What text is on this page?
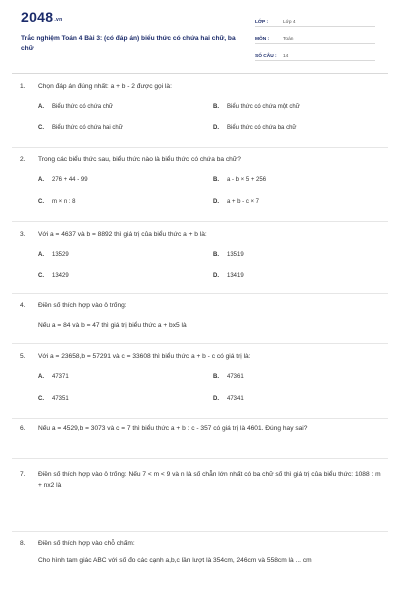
$2048^{.vn}$
Trắc nghiệm Toán 4 Bài 3: (có đáp án) biểu thức có chứa hai chữ, ba chữ
LỚP :	Lớp 4
MÔN :	Toán
SỐ CÂU :	14
1.	Chọn đáp án đúng nhất: a + b - 2 được gọi là:
A. Biểu thức có chứa chữ	B. Biểu thức có chứa một chữ
C. Biểu thức có chứa hai chữ	D. Biểu thức có chứa ba chữ
2.	Trong các biểu thức sau, biểu thức nào là biểu thức có chứa ba chữ?
A. 276 + 44 - 99	B. a - b × 5 + 256
C. m × n : 8	D. a + b - c × 7
3.	Với a = 4637 và b = 8892 thì giá trị của biểu thức a + b là:
A. 13529	B. 13519
C. 13429	D. 13419
4.	Điền số thích hợp vào ô trống:
Nếu a = 84 và b = 47 thì giá trị biểu thức a + bx5 là
5.	Với a = 23658,b = 57291 và c = 33608 thì biểu thức a + b - c có giá trị là:
A. 47371	B. 47361
C. 47351	D. 47341
6.	Nếu a = 4529,b = 3073 và c = 7 thì biểu thức a + b : c - 357 có giá trị là 4601. Đúng hay sai?
7.	Điền số thích hợp vào ô trống: Nếu 7 < m < 9 và n là số chẵn lớn nhất có ba chữ số thì giá trị của biểu thức: 1088 : m + nx2 là
8.	Điền số thích hợp vào chỗ chấm:
Cho hình tam giác ABC với số đo các cạnh a,b,c lần lượt là 354cm, 246cm và 558cm là ... cm
